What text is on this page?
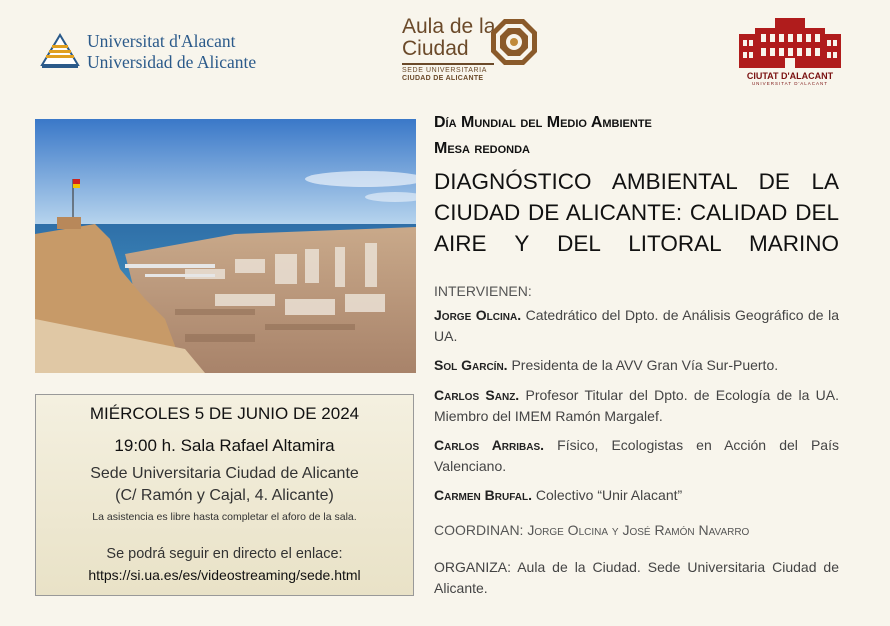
Universitat d'Alacant
Universidad de Alicante
Aula de la
Ciudad
SEDE UNIVERSITARIA
CIUDAD DE ALICANTE	CIUTAT D'ALACANT
UNIVERSITAT D'ALACANT
MIÉRCOLES 5 DE JUNIO DE 2024
19:00 h. Sala Rafael Altamira
Sede Universitaria Ciudad de Alicante
(C/ Ramón y Cajal, 4. Alicante)
La asistencia es libre hasta completar el aforo de la sala.
Se podrá seguir en directo el enlace:
https://si.ua.es/es/videostreaming/sede.html
Día Mundial del Medio Ambiente
Mesa redonda
DIAGNÓSTICO AMBIENTAL DE LA
CIUDAD DE ALICANTE: CALIDAD DEL
AIRE Y DEL LITORAL MARINO
INTERVIENEN:
Jorge Olcina. Catedrático del Dpto. de Análisis Geográfico de la UA.
Sol Garcín. Presidenta de la AVV Gran Vía Sur-Puerto.
Carlos Sanz. Profesor Titular del Dpto. de Ecología de la UA. Miembro del IMEM Ramón Margalef.
Carlos Arribas. Físico, Ecologistas en Acción del País Valenciano.
Carmen Brufal. Colectivo “Unir Alacant”
COORDINAN: Jorge Olcina y José Ramón Navarro
ORGANIZA: Aula de la Ciudad. Sede Universitaria Ciudad de Alicante.
